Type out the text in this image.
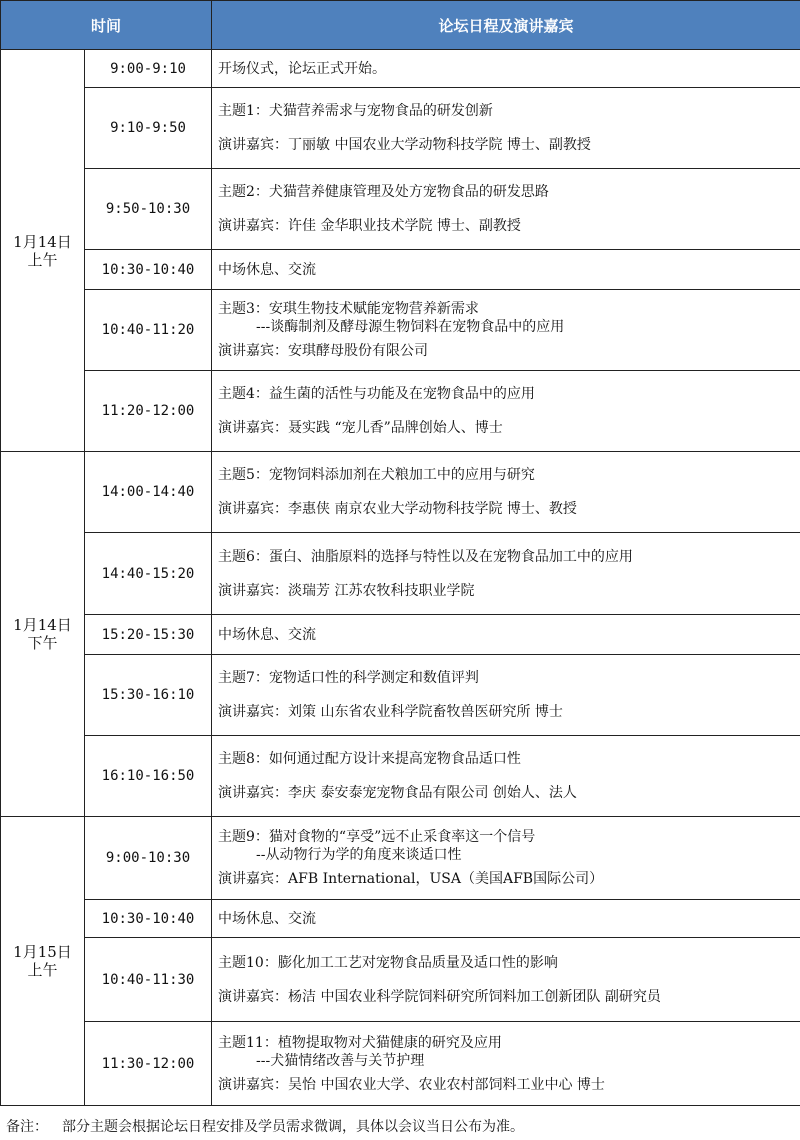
时间		论坛日程及演讲嘉宾

1月14日
上午	9:00-9:10	开场仪式，论坛正式开始。

	9:10-9:50	主题1：犬猫营养需求与宠物食品的研发创新
演讲嘉宾：丁丽敏 中国农业大学动物科技学院 博士、副教授

	9:50-10:30	主题2：犬猫营养健康管理及处方宠物食品的研发思路
演讲嘉宾：许佳 金华职业技术学院 博士、副教授

	10:30-10:40	中场休息、交流

	10:40-11:20	主题3：安琪生物技术赋能宠物营养新需求
---谈酶制剂及酵母源生物饲料在宠物食品中的应用
演讲嘉宾：安琪酵母股份有限公司

	11:20-12:00	主题4：益生菌的活性与功能及在宠物食品中的应用
演讲嘉宾：聂实践 “宠儿香”品牌创始人、博士

1月14日
下午	14:00-14:40	主题5：宠物饲料添加剂在犬粮加工中的应用与研究
演讲嘉宾：李惠侠 南京农业大学动物科技学院 博士、教授

	14:40-15:20	主题6：蛋白、油脂原料的选择与特性以及在宠物食品加工中的应用
演讲嘉宾：淡瑞芳 江苏农牧科技职业学院

	15:20-15:30	中场休息、交流

	15:30-16:10	主题7：宠物适口性的科学测定和数值评判
演讲嘉宾：刘策 山东省农业科学院畜牧兽医研究所 博士

	16:10-16:50	主题8：如何通过配方设计来提高宠物食品适口性
演讲嘉宾：李庆 泰安泰宠宠物食品有限公司 创始人、法人

1月15日
上午	9:00-10:30	主题9：猫对食物的“享受”远不止采食率这一个信号
--从动物行为学的角度来谈适口性
演讲嘉宾：AFB International，USA（美国AFB国际公司）

	10:30-10:40	中场休息、交流

	10:40-11:30	主题10：膨化加工工艺对宠物食品质量及适口性的影响
演讲嘉宾：杨洁 中国农业科学院饲料研究所饲料加工创新团队 副研究员

	11:30-12:00	主题11：植物提取物对犬猫健康的研究及应用
---犬猫情绪改善与关节护理
演讲嘉宾：吴怡 中国农业大学、农业农村部饲料工业中心 博士
备注： 部分主题会根据论坛日程安排及学员需求微调，具体以会议当日公布为准。
